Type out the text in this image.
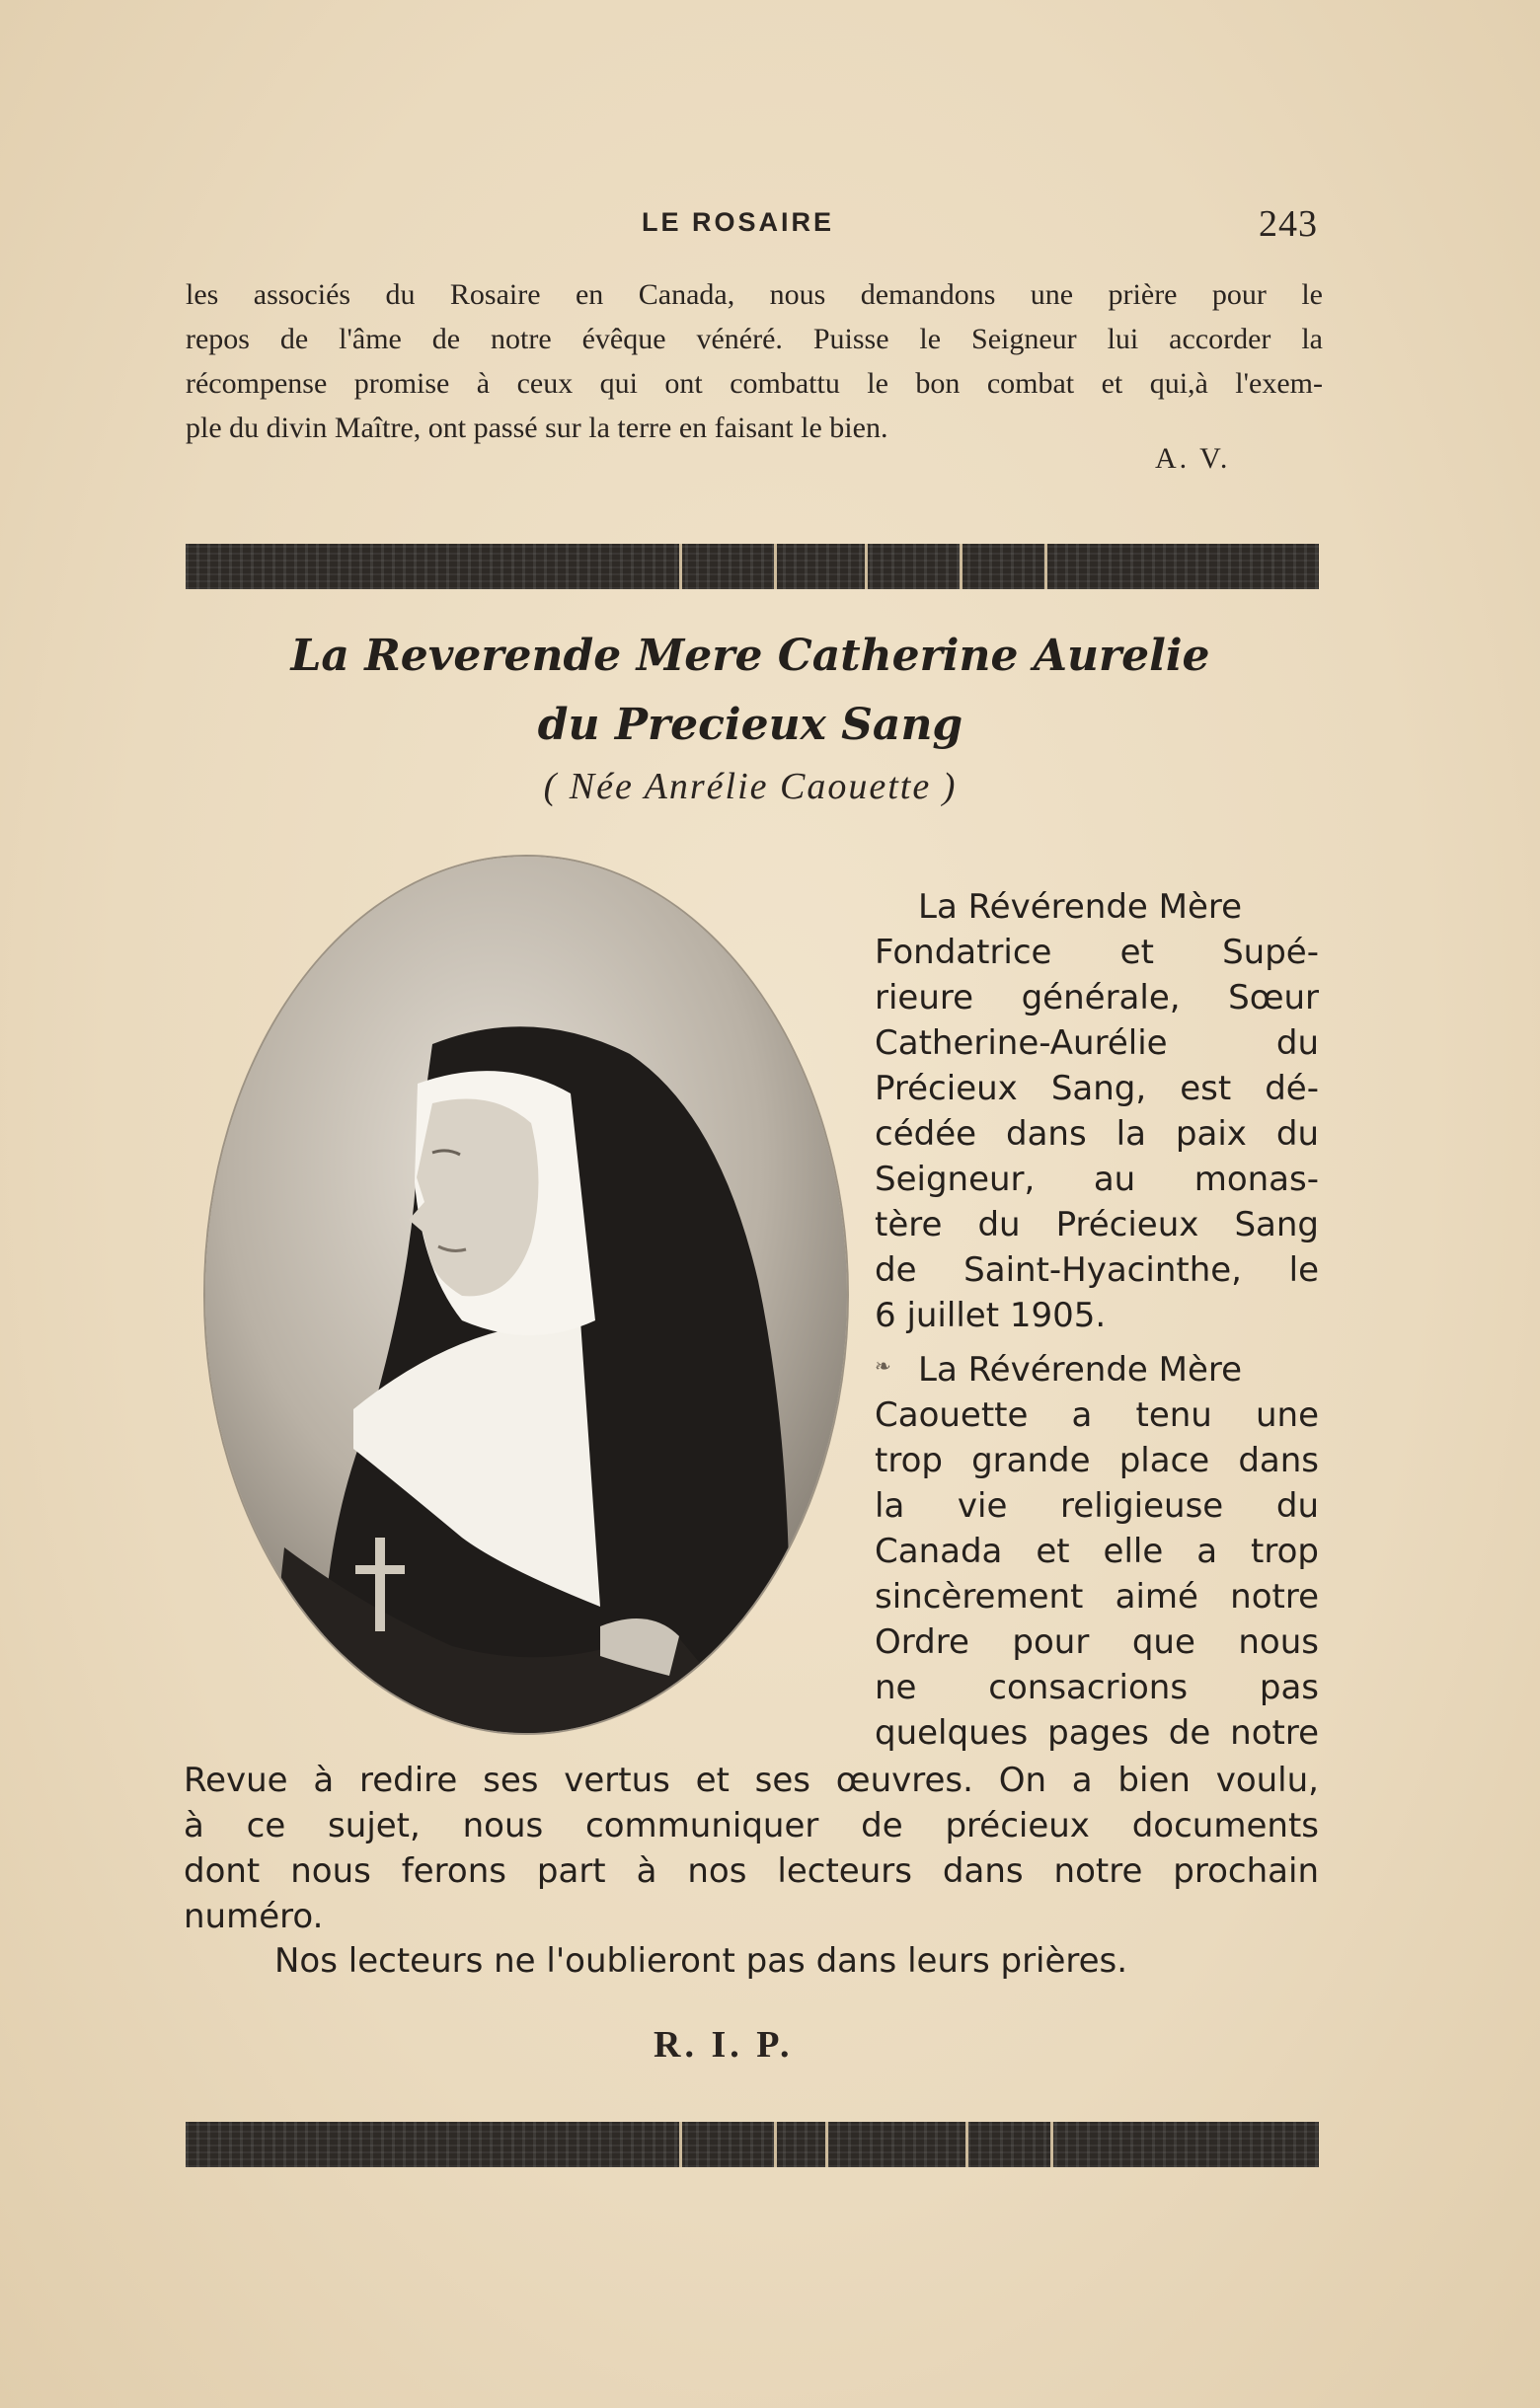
LE ROSAIRE	243

les associés du Rosaire en Canada, nous demandons une prière pour le
repos de l'âme de notre évêque vénéré. Puisse le Seigneur lui accorder la
récompense promise à ceux qui ont combattu le bon combat et qui,à l'exem-
ple du divin Maître, ont passé sur la terre en faisant le bien.

A. V.
La Reverende Mere Catherine Aurelie
du Precieux Sang
( Née Anrélie Caouette )

La Révérende Mère
Fondatrice et Supé-
rieure générale, Sœur
Catherine-Aurélie du
Précieux Sang, est dé-
cédée dans la paix du
Seigneur, au monas-
tère du Précieux Sang
de Saint-Hyacinthe, le
6 juillet 1905.

❧ La Révérende Mère
Caouette a tenu une
trop grande place dans
la vie religieuse du
Canada et elle a trop
sincèrement aimé notre
Ordre pour que nous
ne consacrions pas
quelques pages de notre

Revue à redire ses vertus et ses œuvres. On a bien voulu,
à ce sujet, nous communiquer de précieux documents
dont nous ferons part à nos lecteurs dans notre prochain
numéro.

Nos lecteurs ne l'oublieront pas dans leurs prières.

R. I. P.
